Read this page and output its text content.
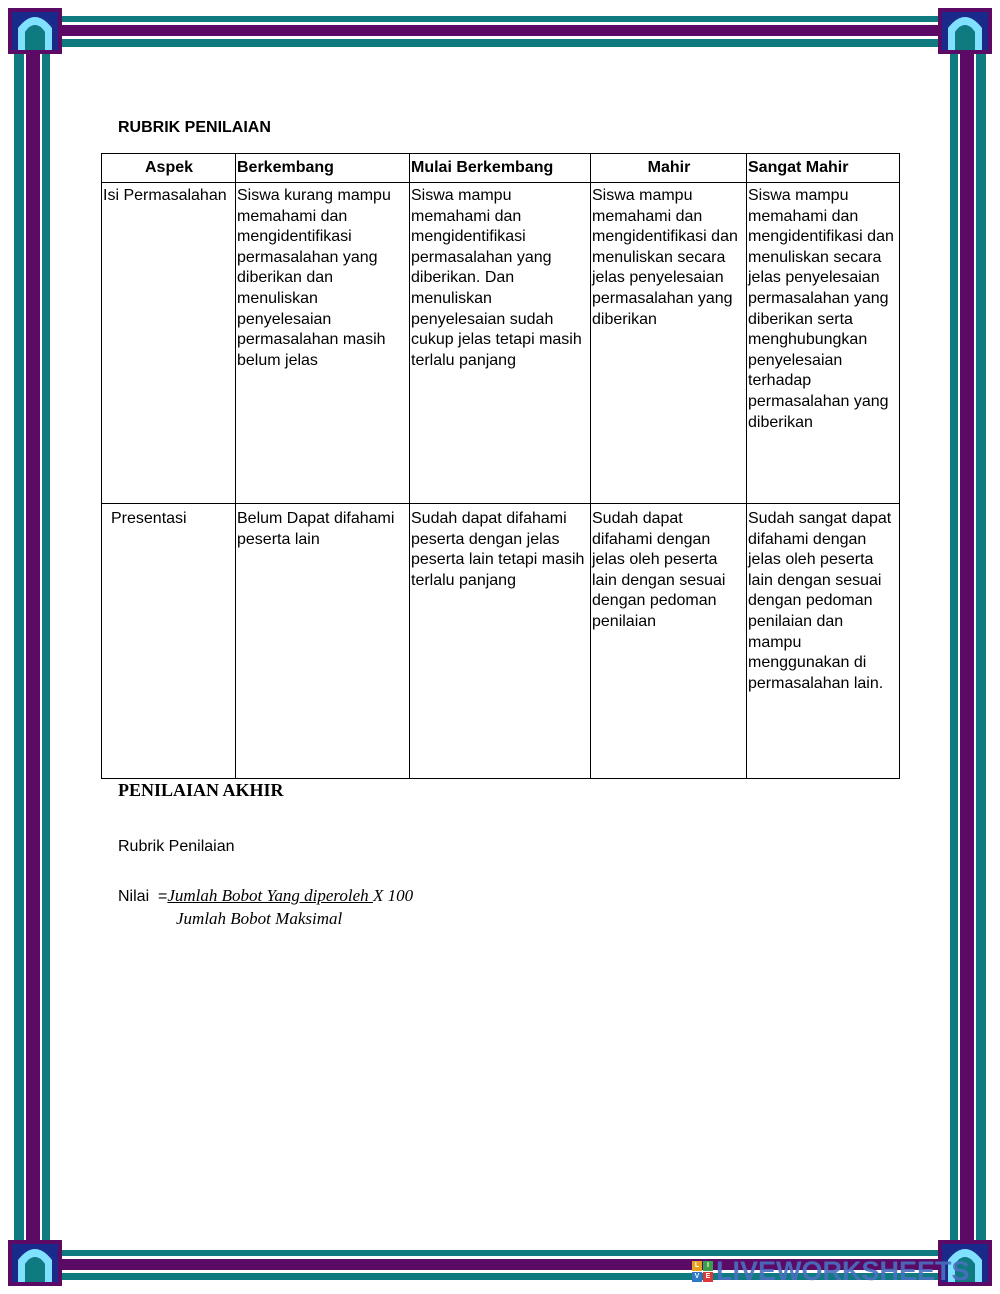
RUBRIK PENILAIAN
Aspek	Berkembang	Mulai Berkembang	Mahir	Sangat Mahir
Isi Permasalahan	Siswa kurang mampu memahami dan mengidentifikasi permasalahan yang diberikan dan menuliskan penyelesaian permasalahan masih belum jelas	Siswa mampu memahami dan mengidentifikasi permasalahan yang diberikan. Dan menuliskan penyelesaian sudah cukup jelas tetapi masih terlalu panjang	Siswa mampu memahami dan mengidentifikasi dan menuliskan secara jelas penyelesaian permasalahan yang diberikan	Siswa mampu memahami dan mengidentifikasi dan menuliskan secara jelas penyelesaian permasalahan yang diberikan serta menghubungkan penyelesaian terhadap permasalahan yang diberikan
Presentasi	Belum Dapat difahami peserta lain	Sudah dapat difahami peserta dengan jelas peserta lain tetapi masih terlalu panjang	Sudah dapat difahami dengan jelas oleh peserta lain dengan sesuai dengan pedoman penilaian	Sudah sangat dapat difahami dengan jelas oleh peserta lain dengan sesuai dengan pedoman penilaian dan mampu menggunakan di permasalahan lain.
PENILAIAN AKHIR
Rubrik Penilaian
Nilai =Jumlah Bobot Yang diperoleh X 100
Jumlah Bobot Maksimal
L	I
V E LIVEWORKSHEETS
